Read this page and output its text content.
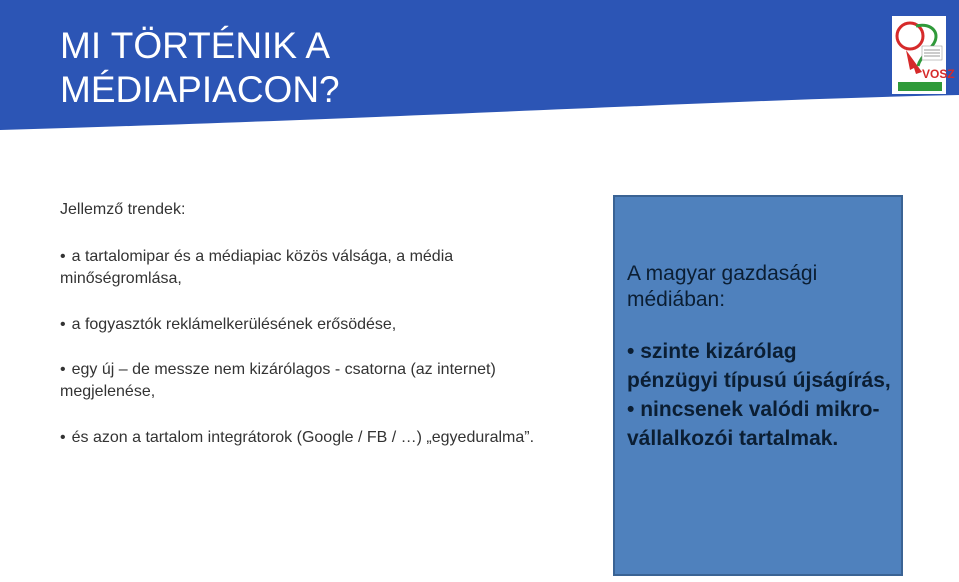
MI TÖRTÉNIK A
MÉDIAPIACON?	VOSZ

Jellemző trendek:

• a tartalomipar és a médiapiac közös válsága, a média minőségromlása,
• a fogyasztók reklámelkerülésének erősödése,
• egy új – de messze nem kizárólagos - csatorna (az internet) megjelenése,
• és azon a tartalom integrátorok (Google / FB / …) „egyeduralma”.
A magyar gazdasági médiában:
• szinte kizárólag pénzügyi típusú újságírás,
• nincsenek valódi mikro-vállalkozói tartalmak.
